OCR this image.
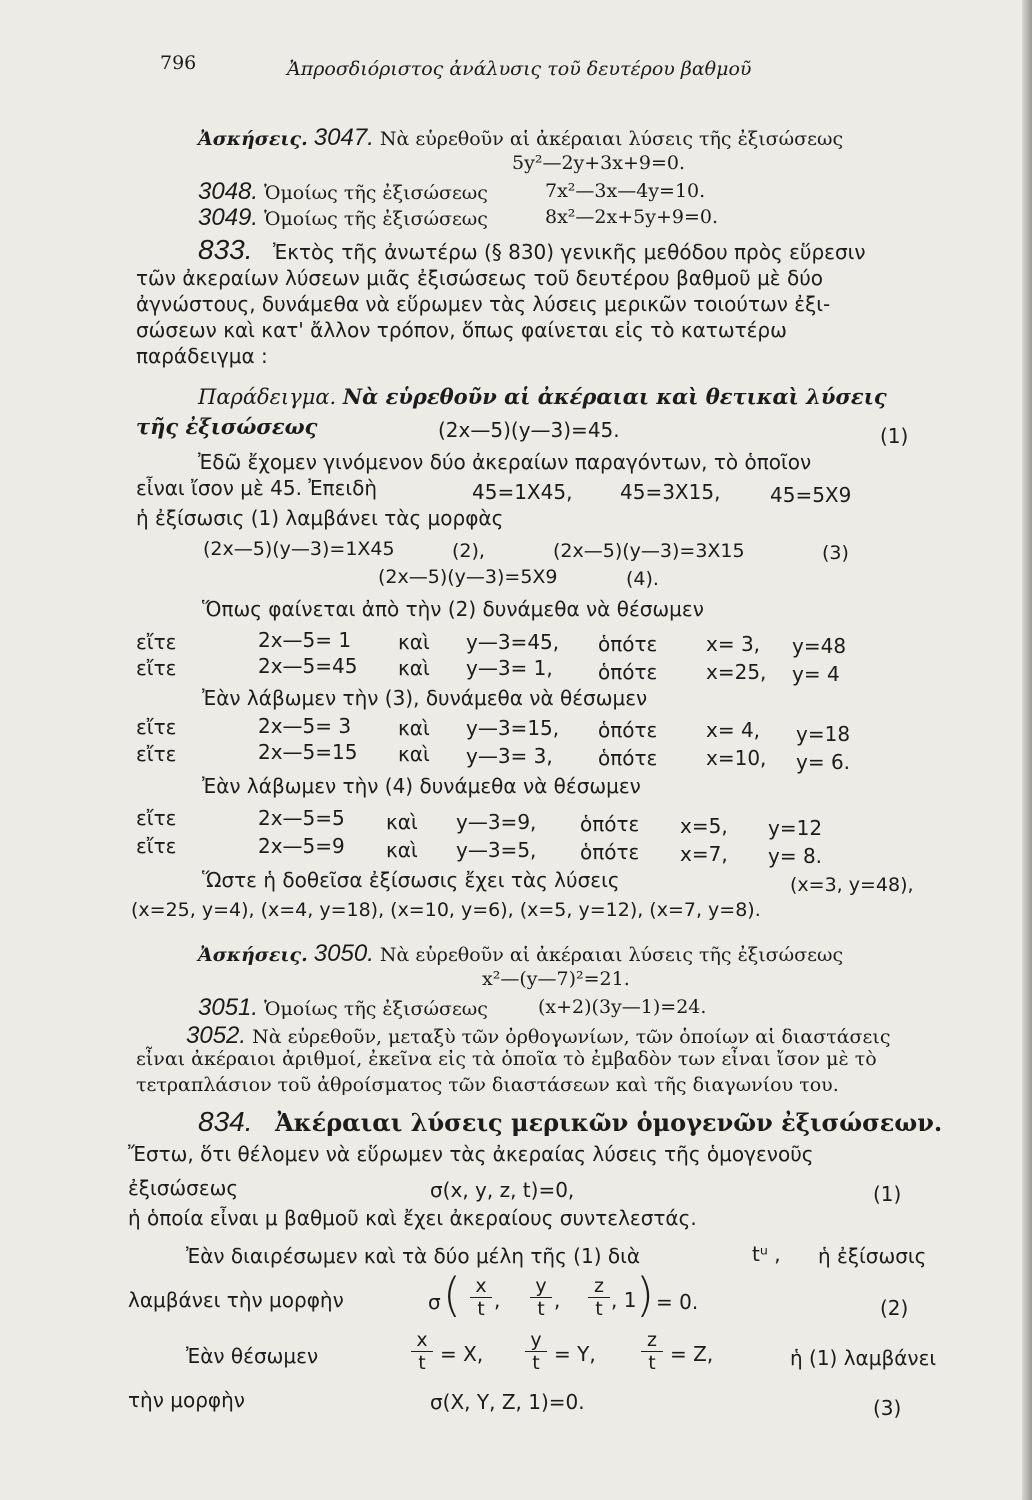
796	Ἀπροσδιόριστος ἀνάλυσις τοῦ δευτέρου βαθμοῦ
Ἀσκήσεις. 3047. Νὰ εὑρεθοῦν αἱ ἀκέραιαι λύσεις τῆς ἐξισώσεως
5y²—2y+3x+9=0.
3048. Ὁμοίως τῆς ἐξισώσεως	7x²—3x—4y=10.
3049. Ὁμοίως τῆς ἐξισώσεως	8x²—2x+5y+9=0.
833. Ἐκτὸς τῆς ἀνωτέρω (§ 830) γενικῆς μεθόδου πρὸς εὕρεσιν
τῶν ἀκεραίων λύσεων μιᾶς ἐξισώσεως τοῦ δευτέρου βαθμοῦ μὲ δύο
ἀγνώστους, δυνάμεθα νὰ εὕρωμεν τὰς λύσεις μερικῶν τοιούτων ἐξι-
σώσεων καὶ κατ' ἄλλον τρόπον, ὅπως φαίνεται εἰς τὸ κατωτέρω
παράδειγμα :
Παράδειγμα. Νὰ εὑρεθοῦν αἱ ἀκέραιαι καὶ θετικαὶ λύσεις
τῆς ἐξισώσεως	(2x—5)(y—3)=45.	(1)
Ἐδῶ ἔχομεν γινόμενον δύο ἀκεραίων παραγόντων, τὸ ὁποῖον
εἶναι ἴσον μὲ 45. Ἐπειδὴ	45=1X45, 45=3X15, 45=5X9
ἡ ἐξίσωσις (1) λαμβάνει τὰς μορφὰς
(2x—5)(y—3)=1X45	(2),	(2x—5)(y—3)=3X15	(3)
(2x—5)(y—3)=5X9	(4).
Ὅπως φαίνεται ἀπὸ τὴν (2) δυνάμεθα νὰ θέσωμεν
εἴτε	2x—5= 1 καὶ y—3=45, ὁπότε x= 3, y=48
εἴτε	2x—5=45 καὶ y—3= 1, ὁπότε x=25, y= 4
Ἐὰν λάβωμεν τὴν (3), δυνάμεθα νὰ θέσωμεν
εἴτε	2x—5= 3 καὶ y—3=15, ὁπότε x= 4, y=18
εἴτε	2x—5=15 καὶ y—3= 3, ὁπότε x=10, y= 6.
Ἐὰν λάβωμεν τὴν (4) δυνάμεθα νὰ θέσωμεν
εἴτε	2x—5=5 καὶ y—3=9, ὁπότε x=5, y=12
εἴτε	2x—5=9 καὶ y—3=5, ὁπότε x=7, y= 8.
Ὥστε ἡ δοθεῖσα ἐξίσωσις ἔχει τὰς λύσεις	(x=3, y=48),
(x=25, y=4), (x=4, y=18), (x=10, y=6), (x=5, y=12), (x=7, y=8).
Ἀσκήσεις. 3050. Νὰ εὑρεθοῦν αἱ ἀκέραιαι λύσεις τῆς ἐξισώσεως
x²—(y—7)²=21.
3051. Ὁμοίως τῆς ἐξισώσεως	(x+2)(3y—1)=24.
3052. Νὰ εὑρεθοῦν, μεταξὺ τῶν ὀρθογωνίων, τῶν ὁποίων αἱ διαστάσεις
εἶναι ἀκέραιοι ἀριθμοί, ἐκεῖνα εἰς τὰ ὁποῖα τὸ ἐμβαδὸν των εἶναι ἴσον μὲ τὸ
τετραπλάσιον τοῦ ἀθροίσματος τῶν διαστάσεων καὶ τῆς διαγωνίου του.
834. Ἀκέραιαι λύσεις μερικῶν ὁμογενῶν ἐξισώσεων.
Ἔστω, ὅτι θέλομεν νὰ εὕρωμεν τὰς ἀκεραίας λύσεις τῆς ὁμογενοῦς
ἐξισώσεως	σ(x, y, z, t)=0,	(1)
ἡ ὁποία εἶναι μ βαθμοῦ καὶ ἔχει ἀκεραίους συντελεστάς.
Ἐὰν διαιρέσωμεν καὶ τὰ δύο μέλη τῆς (1) διὰ	tᵘ , ἡ ἐξίσωσις
λαμβάνει τὴν μορφὴν	σ ( x
t ,
y
t ,
z
t , 1 ) = 0.	(2)
Ἐὰν θέσωμεν
x
t = X,
y
t = Y,
z
t = Z,	ἡ (1) λαμβάνει
τὴν μορφὴν	σ(X, Y, Z, 1)=0.	(3)
